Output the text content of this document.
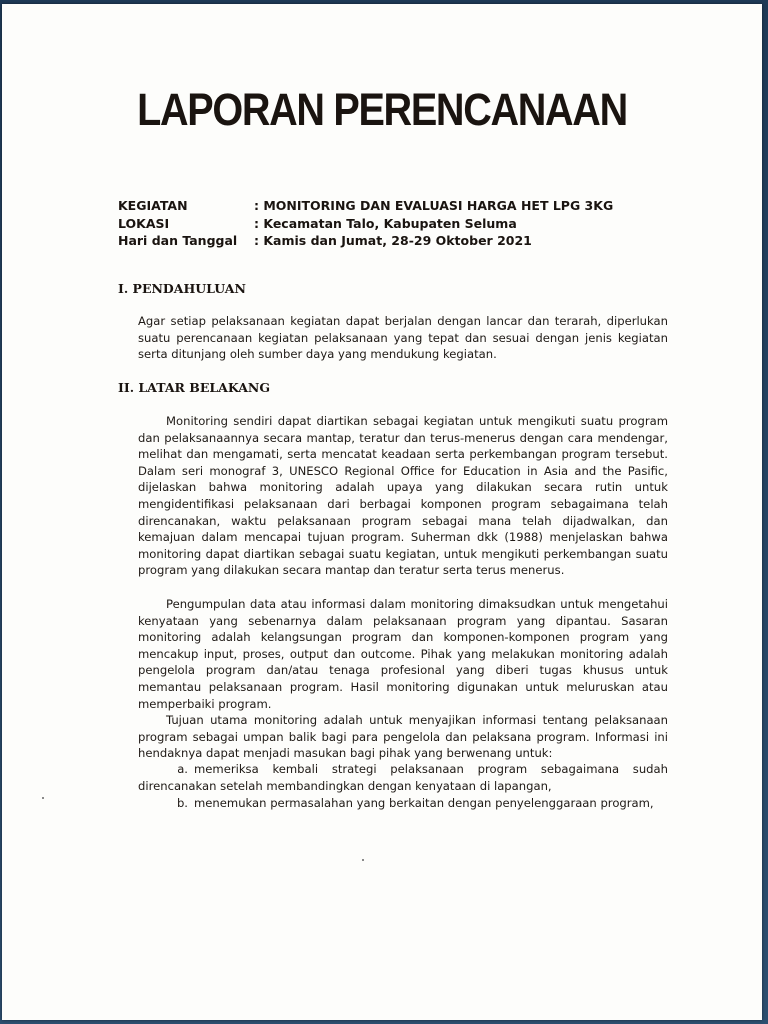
LAPORAN PERENCANAAN
KEGIATAN	: MONITORING DAN EVALUASI HARGA HET LPG 3KG
LOKASI	: Kecamatan Talo, Kabupaten Seluma
Hari dan Tanggal	: Kamis dan Jumat, 28-29 Oktober 2021
I. PENDAHULUAN

Agar setiap pelaksanaan kegiatan dapat berjalan dengan lancar dan terarah, diperlukan suatu perencanaan kegiatan pelaksanaan yang tepat dan sesuai dengan jenis kegiatan serta ditunjang oleh sumber daya yang mendukung kegiatan.

II. LATAR BELAKANG

Monitoring sendiri dapat diartikan sebagai kegiatan untuk mengikuti suatu program dan pelaksanaannya secara mantap, teratur dan terus-menerus dengan cara mendengar, melihat dan mengamati, serta mencatat keadaan serta perkembangan program tersebut. Dalam seri monograf 3, UNESCO Regional Office for Education in Asia and the Pasific, dijelaskan bahwa monitoring adalah upaya yang dilakukan secara rutin untuk mengidentifikasi pelaksanaan dari berbagai komponen program sebagaimana telah direncanakan, waktu pelaksanaan program sebagai mana telah dijadwalkan, dan kemajuan dalam mencapai tujuan program. Suherman dkk (1988) menjelaskan bahwa monitoring dapat diartikan sebagai suatu kegiatan, untuk mengikuti perkembangan suatu program yang dilakukan secara mantap dan teratur serta terus menerus.

Pengumpulan data atau informasi dalam monitoring dimaksudkan untuk mengetahui kenyataan yang sebenarnya dalam pelaksanaan program yang dipantau. Sasaran monitoring adalah kelangsungan program dan komponen-komponen program yang mencakup input, proses, output dan outcome. Pihak yang melakukan monitoring adalah pengelola program dan/atau tenaga profesional yang diberi tugas khusus untuk memantau pelaksanaan program. Hasil monitoring digunakan untuk meluruskan atau memperbaiki program.

Tujuan utama monitoring adalah untuk menyajikan informasi tentang pelaksanaan program sebagai umpan balik bagi para pengelola dan pelaksana program. Informasi ini hendaknya dapat menjadi masukan bagi pihak yang berwenang untuk:

a. memeriksa kembali strategi pelaksanaan program sebagaimana sudah direncanakan setelah membandingkan dengan kenyataan di lapangan,

b. menemukan permasalahan yang berkaitan dengan penyelenggaraan program,
